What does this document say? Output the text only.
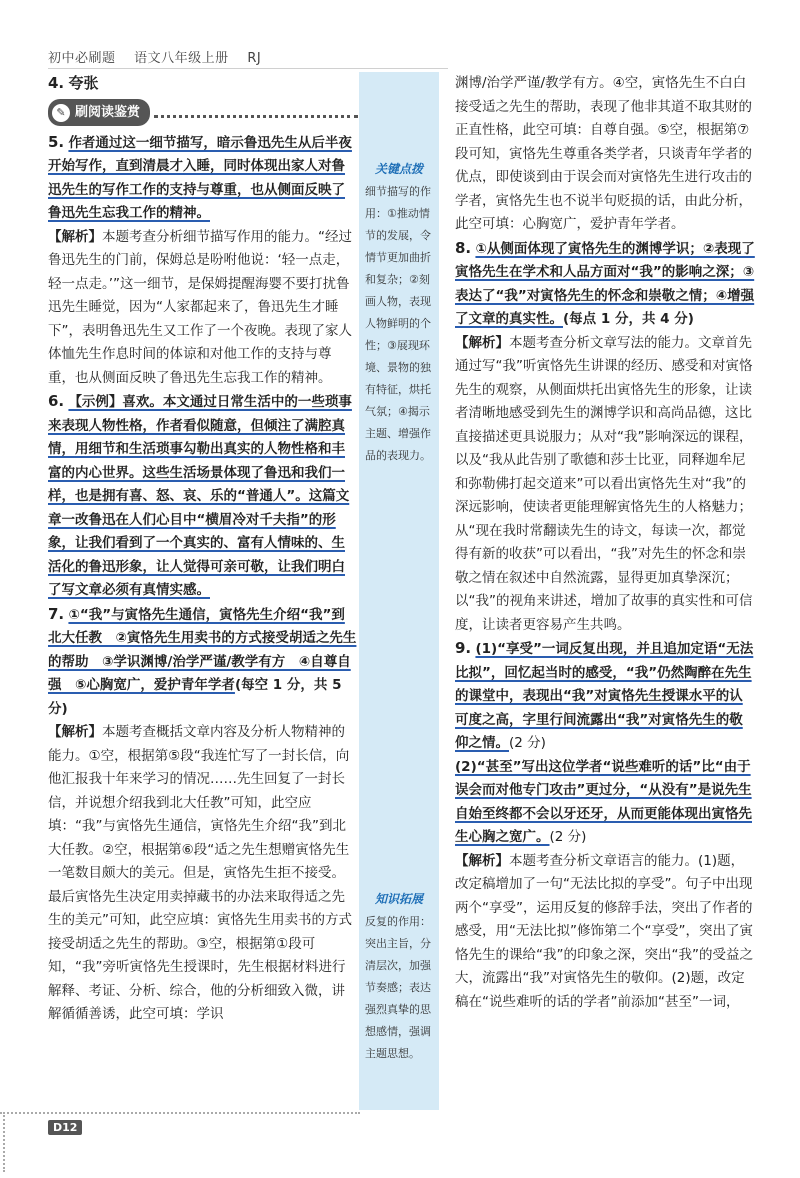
初中必刷题 语文八年级上册 RJ
4. 夸张
✎ 刷阅读鉴赏
5. 作者通过这一细节描写，暗示鲁迅先生从后半夜开始写作，直到清晨才入睡，同时体现出家人对鲁迅先生的写作工作的支持与尊重，也从侧面反映了鲁迅先生忘我工作的精神。
【解析】本题考查分析细节描写作用的能力。“经过鲁迅先生的门前，保姆总是吩咐他说：‘轻一点走，轻一点走。’”这一细节，是保姆提醒海婴不要打扰鲁迅先生睡觉，因为“人家都起来了，鲁迅先生才睡下”，表明鲁迅先生又工作了一个夜晚。表现了家人体恤先生作息时间的体谅和对他工作的支持与尊重，也从侧面反映了鲁迅先生忘我工作的精神。
6. 【示例】喜欢。本文通过日常生活中的一些琐事来表现人物性格，作者看似随意，但倾注了满腔真情，用细节和生活琐事勾勒出真实的人物性格和丰富的内心世界。这些生活场景体现了鲁迅和我们一样，也是拥有喜、怒、哀、乐的“普通人”。这篇文章一改鲁迅在人们心目中“横眉冷对千夫指”的形象，让我们看到了一个真实的、富有人情味的、生活化的鲁迅形象，让人觉得可亲可敬，让我们明白了写文章必须有真情实感。
7. ①“我”与寅恪先生通信，寅恪先生介绍“我”到北大任教　②寅恪先生用卖书的方式接受胡适之先生的帮助　③学识渊博/治学严谨/教学有方　④自尊自强　⑤心胸宽广，爱护青年学者(每空 1 分，共 5 分)
【解析】本题考查概括文章内容及分析人物精神的能力。①空，根据第⑤段“我连忙写了一封长信，向他汇报我十年来学习的情况……先生回复了一封长信，并说想介绍我到北大任教”可知，此空应填：“我”与寅恪先生通信，寅恪先生介绍“我”到北大任教。②空，根据第⑥段“适之先生想赠寅恪先生一笔数目颇大的美元。但是，寅恪先生拒不接受。最后寅恪先生决定用卖掉藏书的办法来取得适之先生的美元”可知，此空应填：寅恪先生用卖书的方式接受胡适之先生的帮助。③空，根据第①段可知，“我”旁听寅恪先生授课时，先生根据材料进行解释、考证、分析、综合，他的分析细致入微，讲解循循善诱，此空可填：学识
关键点拨
细节描写的作用：①推动情节的发展，令情节更加曲折和复杂；②刻画人物，表现人物鲜明的个性；③展现环境、景物的独有特征，烘托气氛；④揭示主题、增强作品的表现力。
知识拓展
反复的作用：突出主旨，分清层次，加强节奏感；表达强烈真挚的思想感情，强调主题思想。
渊博/治学严谨/教学有方。④空，寅恪先生不白白接受适之先生的帮助，表现了他非其道不取其财的正直性格，此空可填：自尊自强。⑤空，根据第⑦段可知，寅恪先生尊重各类学者，只谈青年学者的优点，即使谈到由于误会而对寅恪先生进行攻击的学者，寅恪先生也不说半句贬损的话，由此分析，此空可填：心胸宽广，爱护青年学者。
8. ①从侧面体现了寅恪先生的渊博学识；②表现了寅恪先生在学术和人品方面对“我”的影响之深；③表达了“我”对寅恪先生的怀念和崇敬之情；④增强了文章的真实性。(每点 1 分，共 4 分)
【解析】本题考查分析文章写法的能力。文章首先通过写“我”听寅恪先生讲课的经历、感受和对寅恪先生的观察，从侧面烘托出寅恪先生的形象，让读者清晰地感受到先生的渊博学识和高尚品德，这比直接描述更具说服力；从对“我”影响深远的课程，以及“我从此告别了歌德和莎士比亚，同释迦牟尼和弥勒佛打起交道来”可以看出寅恪先生对“我”的深远影响，使读者更能理解寅恪先生的人格魅力；从“现在我时常翻读先生的诗文，每读一次，都觉得有新的收获”可以看出，“我”对先生的怀念和崇敬之情在叙述中自然流露，显得更加真挚深沉；以“我”的视角来讲述，增加了故事的真实性和可信度，让读者更容易产生共鸣。
9. (1)“享受”一词反复出现，并且追加定语“无法比拟”，回忆起当时的感受，“我”仍然陶醉在先生的课堂中，表现出“我”对寅恪先生授课水平的认可度之高，字里行间流露出“我”对寅恪先生的敬仰之情。(2 分)
(2)“甚至”写出这位学者“说些难听的话”比“由于误会而对他专门攻击”更过分，“从没有”是说先生自始至终都不会以牙还牙，从而更能体现出寅恪先生心胸之宽广。(2 分)
【解析】本题考查分析文章语言的能力。(1)题，改定稿增加了一句“无法比拟的享受”。句子中出现两个“享受”，运用反复的修辞手法，突出了作者的感受，用“无法比拟”修饰第二个“享受”，突出了寅恪先生的课给“我”的印象之深，突出“我”的受益之大，流露出“我”对寅恪先生的敬仰。(2)题，改定稿在“说些难听的话的学者”前添加“甚至”一词，
D12
